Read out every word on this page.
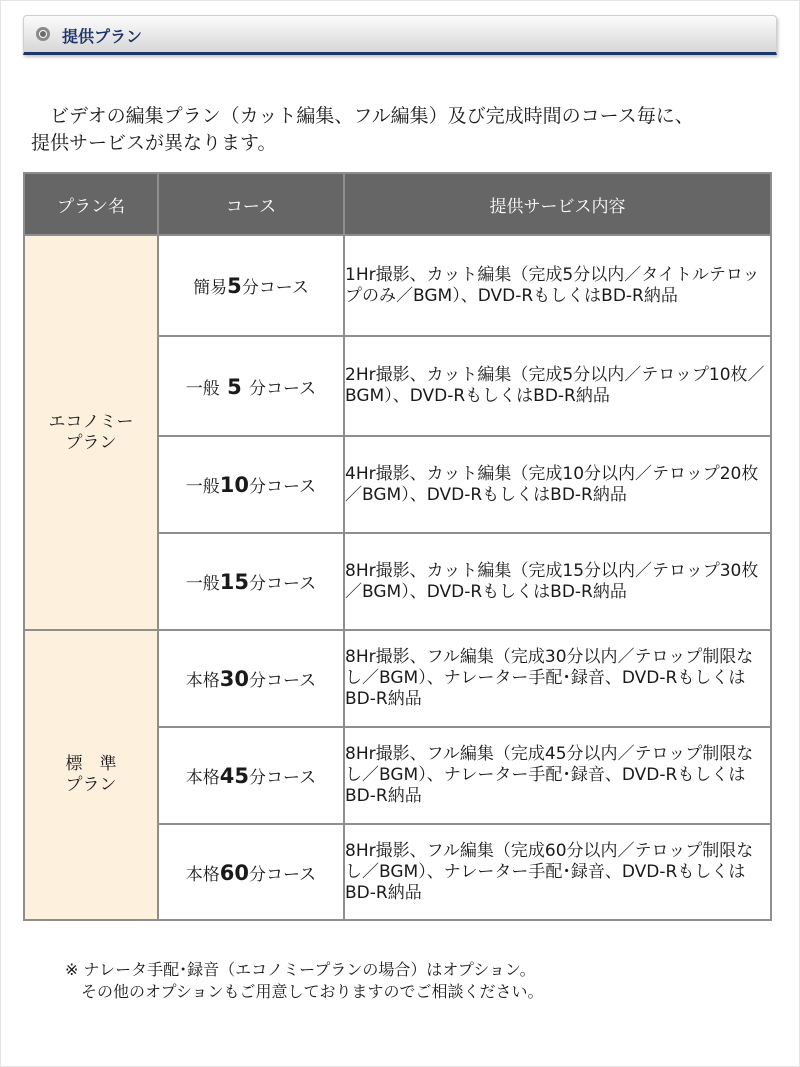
提供プラン

　ビデオの編集プラン（カット編集、フル編集）及び完成時間のコース毎に、

提供サービスが異なります。

プラン名	コース	提供サービス内容
エコノミー
プラン	簡易5分コース	1Hr撮影、カット編集（完成5分以内／タイトルテロップのみ／BGM）、DVD-RもしくはBD-R納品
	一般 5 分コース	2Hr撮影、カット編集（完成5分以内／テロップ10枚／BGM）、DVD-RもしくはBD-R納品
	一般10分コース	4Hr撮影、カット編集（完成10分以内／テロップ20枚／BGM）、DVD-RもしくはBD-R納品
	一般15分コース	8Hr撮影、カット編集（完成15分以内／テロップ30枚／BGM）、DVD-RもしくはBD-R納品
標　準
プラン	本格30分コース	8Hr撮影、フル編集（完成30分以内／テロップ制限なし／BGM）、ナレーター手配･録音、DVD-RもしくはBD-R納品
	本格45分コース	8Hr撮影、フル編集（完成45分以内／テロップ制限なし／BGM）、ナレーター手配･録音、DVD-RもしくはBD-R納品
	本格60分コース	8Hr撮影、フル編集（完成60分以内／テロップ制限なし／BGM）、ナレーター手配･録音、DVD-RもしくはBD-R納品
※ ナレータ手配･録音（エコノミープランの場合）はオプション。
　その他のオプションもご用意しておりますのでご相談ください。
